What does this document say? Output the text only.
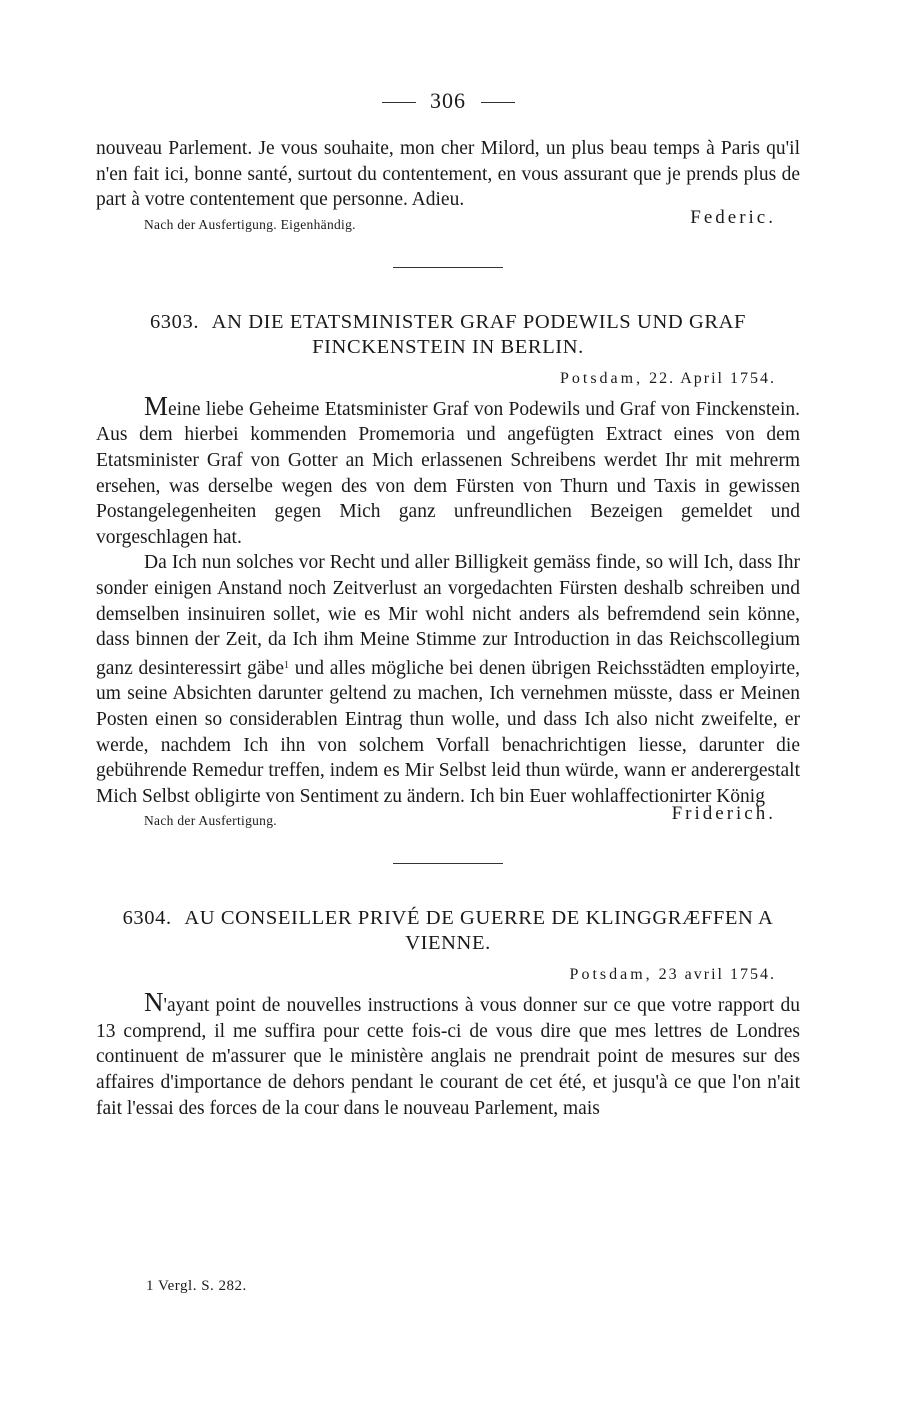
306

nouveau Parlement. Je vous souhaite, mon cher Milord, un plus beau temps à Paris qu'il n'en fait ici, bonne santé, surtout du contentement, en vous assurant que je prends plus de part à votre contentement que personne. Adieu.

Federic.
Nach der Ausfertigung. Eigenhändig.
6303. AN DIE ETATSMINISTER GRAF PODEWILS UND GRAF FINCKENSTEIN IN BERLIN.
Potsdam, 22. April 1754.

Meine liebe Geheime Etatsminister Graf von Podewils und Graf von Finckenstein. Aus dem hierbei kommenden Promemoria und angefügten Extract eines von dem Etatsminister Graf von Gotter an Mich erlassenen Schreibens werdet Ihr mit mehrerm ersehen, was derselbe wegen des von dem Fürsten von Thurn und Taxis in gewissen Postangelegenheiten gegen Mich ganz unfreundlichen Bezeigen gemeldet und vorgeschlagen hat.

Da Ich nun solches vor Recht und aller Billigkeit gemäss finde, so will Ich, dass Ihr sonder einigen Anstand noch Zeitverlust an vorgedachten Fürsten deshalb schreiben und demselben insinuiren sollet, wie es Mir wohl nicht anders als befremdend sein könne, dass binnen der Zeit, da Ich ihm Meine Stimme zur Introduction in das Reichscollegium ganz desinteressirt gäbe$^1$ und alles mögliche bei denen übrigen Reichsstädten employirte, um seine Absichten darunter geltend zu machen, Ich vernehmen müsste, dass er Meinen Posten einen so considerablen Eintrag thun wolle, und dass Ich also nicht zweifelte, er werde, nachdem Ich ihn von solchem Vorfall benachrichtigen liesse, darunter die gebührende Remedur treffen, indem es Mir Selbst leid thun würde, wann er anderergestalt Mich Selbst obligirte von Sentiment zu ändern. Ich bin Euer wohlaffectionirter König

Nach der Ausfertigung.	Friderich.
6304. AU CONSEILLER PRIVÉ DE GUERRE DE KLINGGRÆFFEN A VIENNE.
Potsdam, 23 avril 1754.

N'ayant point de nouvelles instructions à vous donner sur ce que votre rapport du 13 comprend, il me suffira pour cette fois-ci de vous dire que mes lettres de Londres continuent de m'assurer que le ministère anglais ne prendrait point de mesures sur des affaires d'importance de dehors pendant le courant de cet été, et jusqu'à ce que l'on n'ait fait l'essai des forces de la cour dans le nouveau Parlement, mais

1 Vergl. S. 282.
